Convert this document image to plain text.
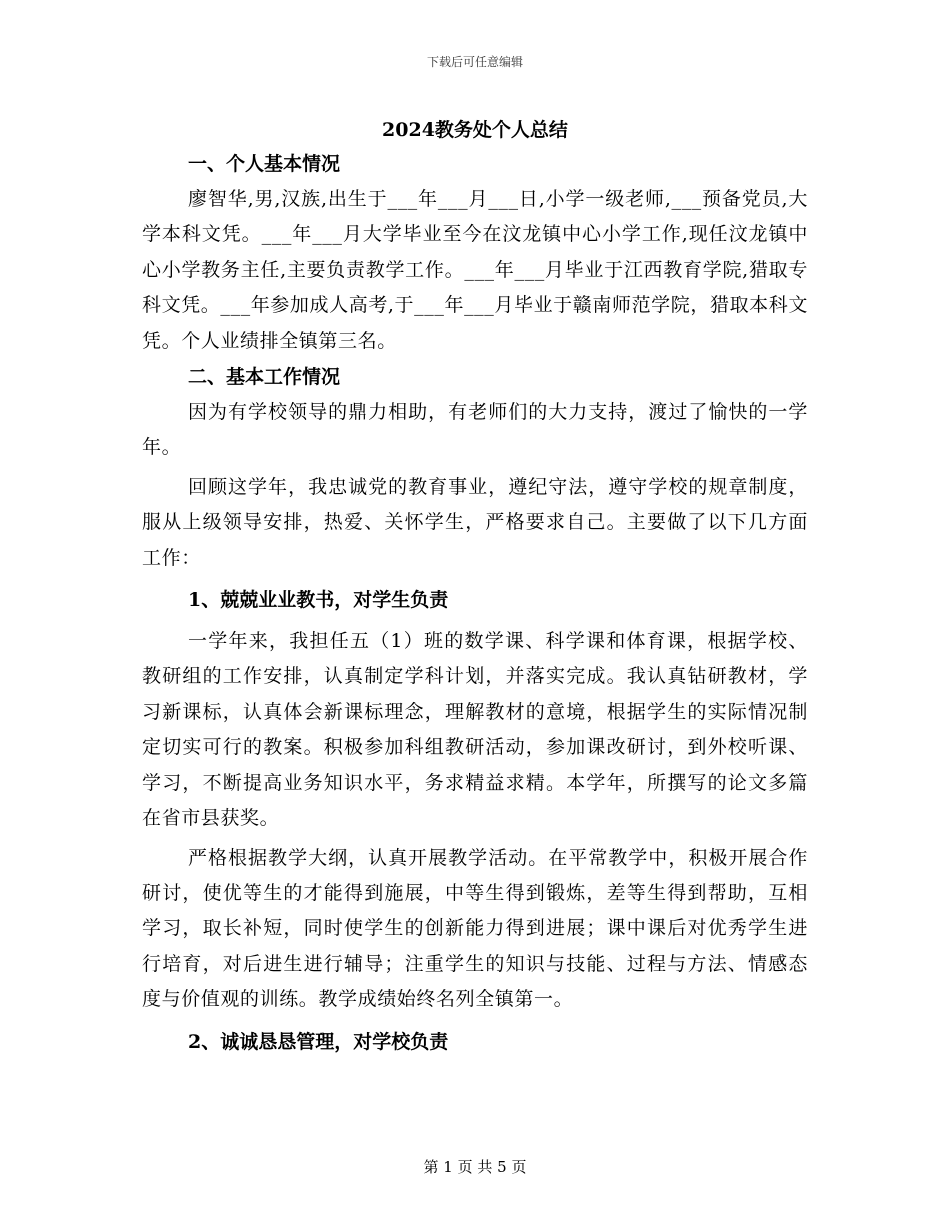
下载后可任意编辑
2024教务处个人总结
一、个人基本情况

廖智华,男,汉族,出生于___年___月___日,小学一级老师,___预备党员,大学本科文凭。___年___月大学毕业至今在汶龙镇中心小学工作,现任汶龙镇中心小学教务主任,主要负责教学工作。___年___月毕业于江西教育学院,猎取专科文凭。___年参加成人高考,于___年___月毕业于赣南师范学院，猎取本科文凭。个人业绩排全镇第三名。

二、基本工作情况

因为有学校领导的鼎力相助，有老师们的大力支持，渡过了愉快的一学年。

回顾这学年，我忠诚党的教育事业，遵纪守法，遵守学校的规章制度，服从上级领导安排，热爱、关怀学生，严格要求自己。主要做了以下几方面工作：

1、兢兢业业教书，对学生负责

一学年来，我担任五（1）班的数学课、科学课和体育课，根据学校、教研组的工作安排，认真制定学科计划，并落实完成。我认真钻研教材，学习新课标，认真体会新课标理念，理解教材的意境，根据学生的实际情况制定切实可行的教案。积极参加科组教研活动，参加课改研讨，到外校听课、学习，不断提高业务知识水平，务求精益求精。本学年，所撰写的论文多篇在省市县获奖。

严格根据教学大纲，认真开展教学活动。在平常教学中，积极开展合作研讨，使优等生的才能得到施展，中等生得到锻炼，差等生得到帮助，互相学习，取长补短，同时使学生的创新能力得到进展；课中课后对优秀学生进行培育，对后进生进行辅导；注重学生的知识与技能、过程与方法、情感态度与价值观的训练。教学成绩始终名列全镇第一。

2、诚诚恳恳管理，对学校负责
第 1 页 共 5 页
